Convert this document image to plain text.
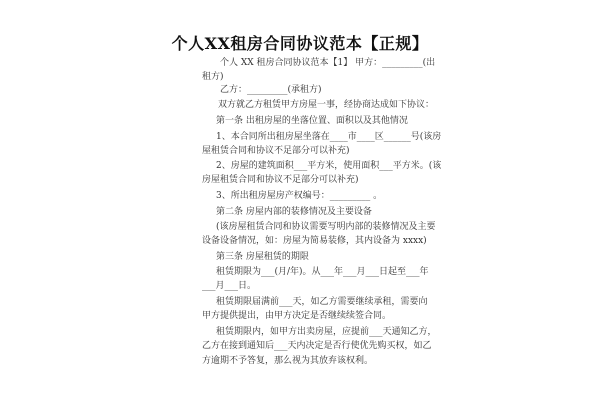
个人XX租房合同协议范本【正规】
个人 XX 租房合同协议范本【1】 甲方：_________(出
租方)
乙方：_________(承租方)
双方就乙方租赁甲方房屋一事，经协商达成如下协议：
第一条 出租房屋的坐落位置、面积以及其他情况
1、本合同所出租房屋坐落在____市____区______号(该房
屋租赁合同和协议不足部分可以补充)
2、房屋的建筑面积___平方米，使用面积___平方米。(该
房屋租赁合同和协议不足部分可以补充)
3、所出租房屋房产权编号：_________ 。
第二条 房屋内部的装修情况及主要设备
(该房屋租赁合同和协议需要写明内部的装修情况及主要
设备设备情况，如：房屋为简易装修，其内设备为 xxxx)
第三条 房屋租赁的期限
租赁期限为___(月/年)。从___年___月___日起至___年
___月___日。
租赁期限届满前___天，如乙方需要继续承租，需要向
甲方提供提出，由甲方决定是否继续续签合同。
租赁期限内，如甲方出卖房屋，应提前___天通知乙方，
乙方在接到通知后___天内决定是否行使优先购买权，如乙
方逾期不予答复，那么视为其放弃该权利。
